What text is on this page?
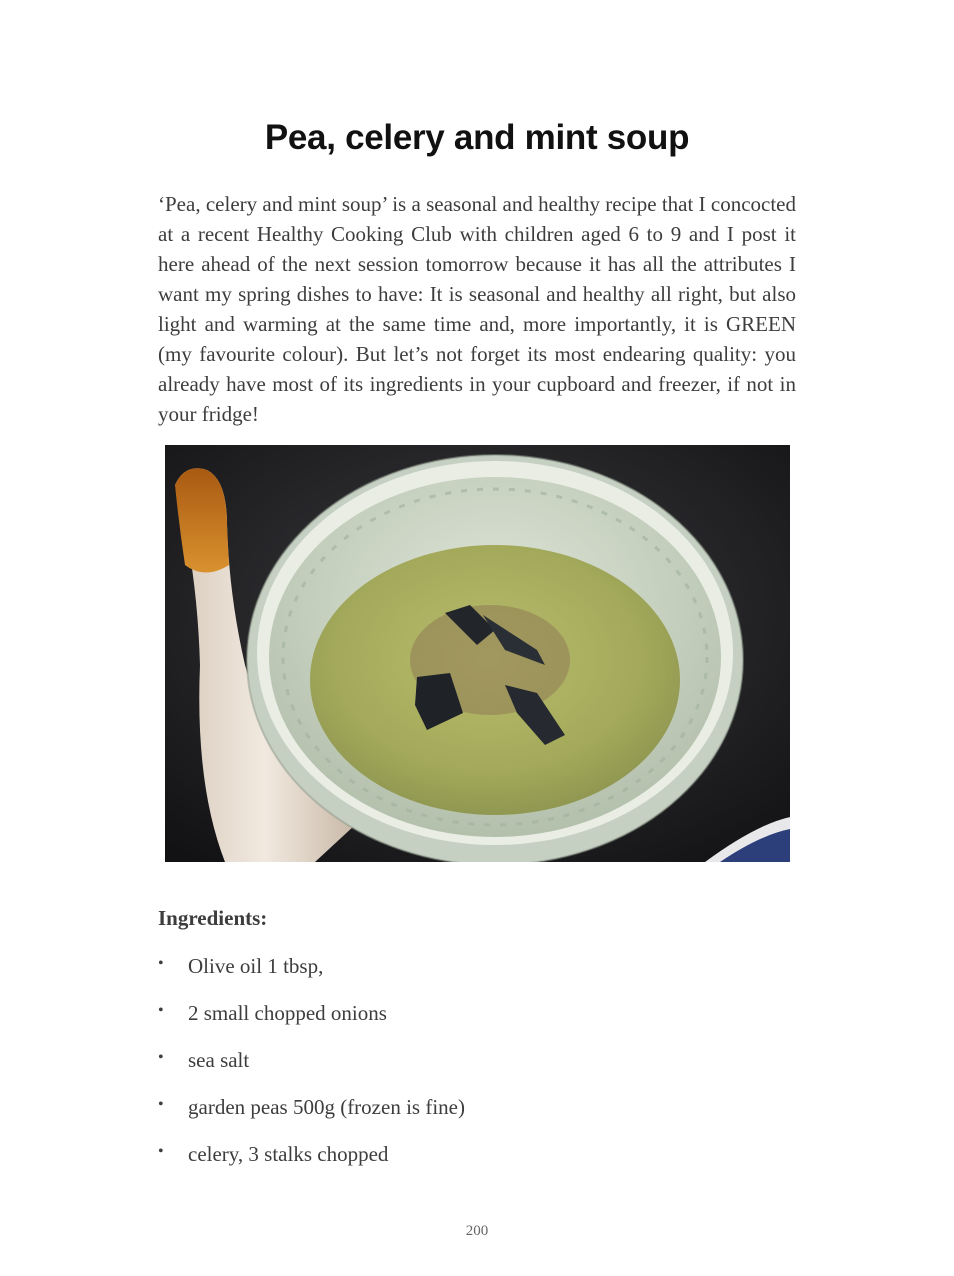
Pea, celery and mint soup

‘Pea, celery and mint soup’ is a seasonal and healthy recipe that I concocted at a recent Healthy Cooking Club with children aged 6 to 9 and I post it here ahead of the next session tomorrow because it has all the attributes I want my spring dishes to have: It is seasonal and healthy all right, but also light and warming at the same time and, more importantly, it is GREEN (my favourite colour). But let’s not forget its most endearing quality: you already have most of its ingredients in your cupboard and freezer, if not in your fridge!

Ingredients:
• Olive oil 1 tbsp,
• 2 small chopped onions
• sea salt
• garden peas 500g (frozen is fine)
• celery, 3 stalks chopped
200
